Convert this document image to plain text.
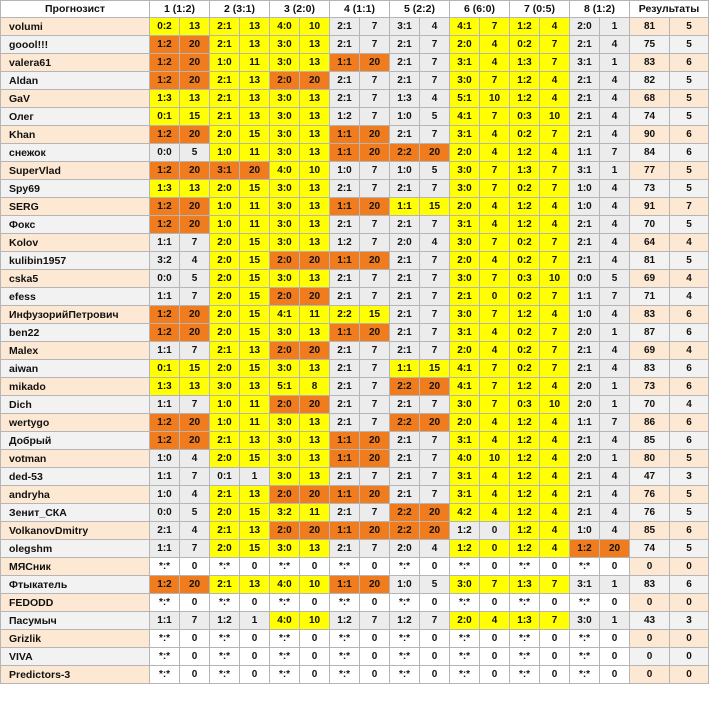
Прогнозист	1 (1:2)		2 (3:1)		3 (2:0)		4 (1:1)		5 (2:2)		6 (6:0)		7 (0:5)		8 (1:2)		Результаты	
volumi	0:2	13	2:1	13	4:0	10	2:1	7	3:1	4	4:1	7	1:2	4	2:0	1	81	5
goool!!!	1:2	20	2:1	13	3:0	13	2:1	7	2:1	7	2:0	4	0:2	7	2:1	4	75	5
valera61	1:2	20	1:0	11	3:0	13	1:1	20	2:1	7	3:1	4	1:3	7	3:1	1	83	6
Aldan	1:2	20	2:1	13	2:0	20	2:1	7	2:1	7	3:0	7	1:2	4	2:1	4	82	5
GaV	1:3	13	2:1	13	3:0	13	2:1	7	1:3	4	5:1	10	1:2	4	2:1	4	68	5
Олег	0:1	15	2:1	13	3:0	13	1:2	7	1:0	5	4:1	7	0:3	10	2:1	4	74	5
Khan	1:2	20	2:0	15	3:0	13	1:1	20	2:1	7	3:1	4	0:2	7	2:1	4	90	6
снежок	0:0	5	1:0	11	3:0	13	1:1	20	2:2	20	2:0	4	1:2	4	1:1	7	84	6
SuperVlad	1:2	20	3:1	20	4:0	10	1:0	7	1:0	5	3:0	7	1:3	7	3:1	1	77	5
Spy69	1:3	13	2:0	15	3:0	13	2:1	7	2:1	7	3:0	7	0:2	7	1:0	4	73	5
SERG	1:2	20	1:0	11	3:0	13	1:1	20	1:1	15	2:0	4	1:2	4	1:0	4	91	7
Фокс	1:2	20	1:0	11	3:0	13	2:1	7	2:1	7	3:1	4	1:2	4	2:1	4	70	5
Kolov	1:1	7	2:0	15	3:0	13	1:2	7	2:0	4	3:0	7	0:2	7	2:1	4	64	4
kulibin1957	3:2	4	2:0	15	2:0	20	1:1	20	2:1	7	2:0	4	0:2	7	2:1	4	81	5
cska5	0:0	5	2:0	15	3:0	13	2:1	7	2:1	7	3:0	7	0:3	10	0:0	5	69	4
efess	1:1	7	2:0	15	2:0	20	2:1	7	2:1	7	2:1	0	0:2	7	1:1	7	71	4
ИнфузорийПетрович	1:2	20	2:0	15	4:1	11	2:2	15	2:1	7	3:0	7	1:2	4	1:0	4	83	6
ben22	1:2	20	2:0	15	3:0	13	1:1	20	2:1	7	3:1	4	0:2	7	2:0	1	87	6
Malex	1:1	7	2:1	13	2:0	20	2:1	7	2:1	7	2:0	4	0:2	7	2:1	4	69	4
aiwan	0:1	15	2:0	15	3:0	13	2:1	7	1:1	15	4:1	7	0:2	7	2:1	4	83	6
mikado	1:3	13	3:0	13	5:1	8	2:1	7	2:2	20	4:1	7	1:2	4	2:0	1	73	6
Dich	1:1	7	1:0	11	2:0	20	2:1	7	2:1	7	3:0	7	0:3	10	2:0	1	70	4
wertygo	1:2	20	1:0	11	3:0	13	2:1	7	2:2	20	2:0	4	1:2	4	1:1	7	86	6
Добрый	1:2	20	2:1	13	3:0	13	1:1	20	2:1	7	3:1	4	1:2	4	2:1	4	85	6
votman	1:0	4	2:0	15	3:0	13	1:1	20	2:1	7	4:0	10	1:2	4	2:0	1	80	5
ded-53	1:1	7	0:1	1	3:0	13	2:1	7	2:1	7	3:1	4	1:2	4	2:1	4	47	3
andryha	1:0	4	2:1	13	2:0	20	1:1	20	2:1	7	3:1	4	1:2	4	2:1	4	76	5
Зенит_СКА	0:0	5	2:0	15	3:2	11	2:1	7	2:2	20	4:2	4	1:2	4	2:1	4	76	5
VolkanovDmitry	2:1	4	2:1	13	2:0	20	1:1	20	2:2	20	1:2	0	1:2	4	1:0	4	85	6
olegshm	1:1	7	2:0	15	3:0	13	2:1	7	2:0	4	1:2	0	1:2	4	1:2	20	74	5
МЯСник	*:*	0	*:*	0	*:*	0	*:*	0	*:*	0	*:*	0	*:*	0	*:*	0	0	0
Фтыкатель	1:2	20	2:1	13	4:0	10	1:1	20	1:0	5	3:0	7	1:3	7	3:1	1	83	6
FEDODD	*:*	0	*:*	0	*:*	0	*:*	0	*:*	0	*:*	0	*:*	0	*:*	0	0	0
Пасумыч	1:1	7	1:2	1	4:0	10	1:2	7	1:2	7	2:0	4	1:3	7	3:0	1	43	3
Grizlik	*:*	0	*:*	0	*:*	0	*:*	0	*:*	0	*:*	0	*:*	0	*:*	0	0	0
VIVA	*:*	0	*:*	0	*:*	0	*:*	0	*:*	0	*:*	0	*:*	0	*:*	0	0	0
Predictors-3	*:*	0	*:*	0	*:*	0	*:*	0	*:*	0	*:*	0	*:*	0	*:*	0	0	0
